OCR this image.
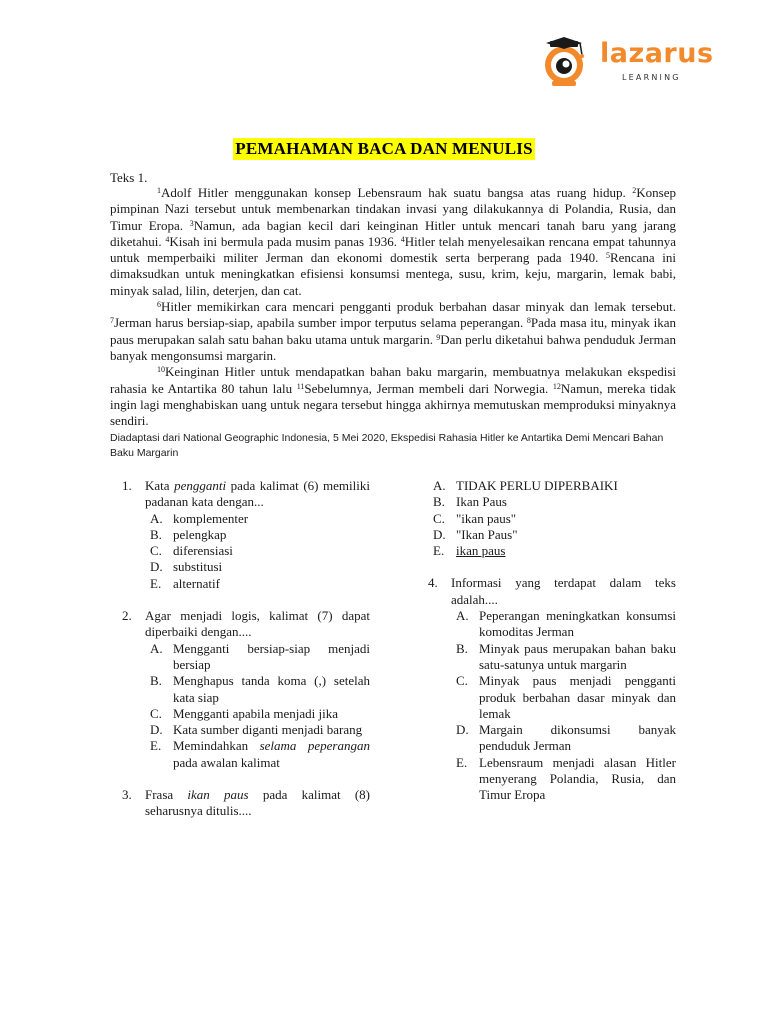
lazarus
LEARNING
PEMAHAMAN BACA DAN MENULIS
Teks 1.

$^1$Adolf Hitler menggunakan konsep Lebensraum hak suatu bangsa atas ruang hidup. $^2$Konsep pimpinan Nazi tersebut untuk membenarkan tindakan invasi yang dilakukannya di Polandia, Rusia, dan Timur Eropa. $^3$Namun, ada bagian kecil dari keinginan Hitler untuk mencari tanah baru yang jarang diketahui. $^4$Kisah ini bermula pada musim panas 1936. $^4$Hitler telah menyelesaikan rencana empat tahunnya untuk memperbaiki militer Jerman dan ekonomi domestik serta berperang pada 1940. $^5$Rencana ini dimaksudkan untuk meningkatkan efisiensi konsumsi mentega, susu, krim, keju, margarin, lemak babi, minyak salad, lilin, deterjen, dan cat.

$^6$Hitler memikirkan cara mencari pengganti produk berbahan dasar minyak dan lemak tersebut. $^7$Jerman harus bersiap-siap, apabila sumber impor terputus selama peperangan. $^8$Pada masa itu, minyak ikan paus merupakan salah satu bahan baku utama untuk margarin. $^9$Dan perlu diketahui bahwa penduduk Jerman banyak mengonsumsi margarin.

$^{10}$Keinginan Hitler untuk mendapatkan bahan baku margarin, membuatnya melakukan ekspedisi rahasia ke Antartika 80 tahun lalu $^{11}$Sebelumnya, Jerman membeli dari Norwegia. $^{12}$Namun, mereka tidak ingin lagi menghabiskan uang untuk negara tersebut hingga akhirnya memutuskan memproduksi minyaknya sendiri.

Diadaptasi dari National Geographic Indonesia, 5 Mei 2020, Ekspedisi Rahasia Hitler ke Antartika Demi Mencari Bahan Baku Margarin
1. Kata pengganti pada kalimat (6) memiliki padanan kata dengan...
A. komplementer
B. pelengkap
C. diferensiasi
D. substitusi
E. alternatif
2. Agar menjadi logis, kalimat (7) dapat diperbaiki dengan....
A. Mengganti bersiap-siap menjadi bersiap
B. Menghapus tanda koma (,) setelah kata siap
C. Mengganti apabila menjadi jika
D. Kata sumber diganti menjadi barang
E. Memindahkan selama peperangan pada awalan kalimat
3. Frasa ikan paus pada kalimat (8) seharusnya ditulis....
A. TIDAK PERLU DIPERBAIKI
B. Ikan Paus
C. "ikan paus"
D. "Ikan Paus"
E. ikan paus
4. Informasi yang terdapat dalam teks adalah....
A. Peperangan meningkatkan konsumsi komoditas Jerman
B. Minyak paus merupakan bahan baku satu-satunya untuk margarin
C. Minyak paus menjadi pengganti produk berbahan dasar minyak dan lemak
D. Margain dikonsumsi banyak penduduk Jerman
E. Lebensraum menjadi alasan Hitler menyerang Polandia, Rusia, dan Timur Eropa
